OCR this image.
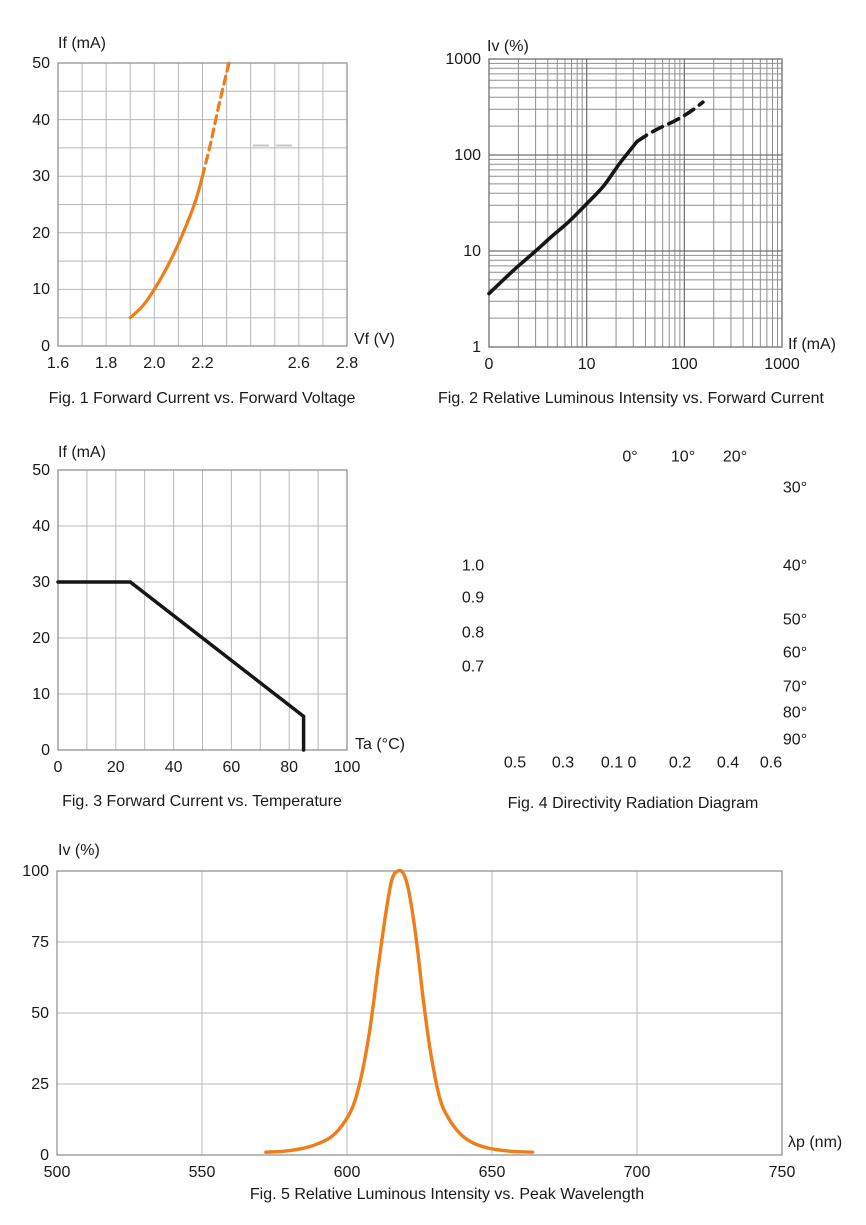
If (mA)
Vf (V)
Iv (%)
If (mA)
If (mA)
Ta (°C)
Iv (%)
λp (nm)
Fig. 1 Forward Current vs. Forward Voltage	Fig. 2 Relative Luminous Intensity vs. Forward Current
Fig. 3 Forward Current vs. Temperature	Fig. 4 Directivity Radiation Diagram
Fig. 5 Relative Luminous Intensity vs. Peak Wavelength
0
10
20
30
40
50
1.6	1.8	2.0	2.2	2.6	2.8
1
10
100
1000
0	10	100	1000
0
10
20
30
40
50
0	20	40	60	80	100
0° 10° 20°
30°
40°
50°
60°
70°
80°
90°
1.0
0.9
0.8
0.7
0.5 0.3 0.1 0 0.2 0.4 0.6
0
25
50
75
100
500	550	600	650	700	750
